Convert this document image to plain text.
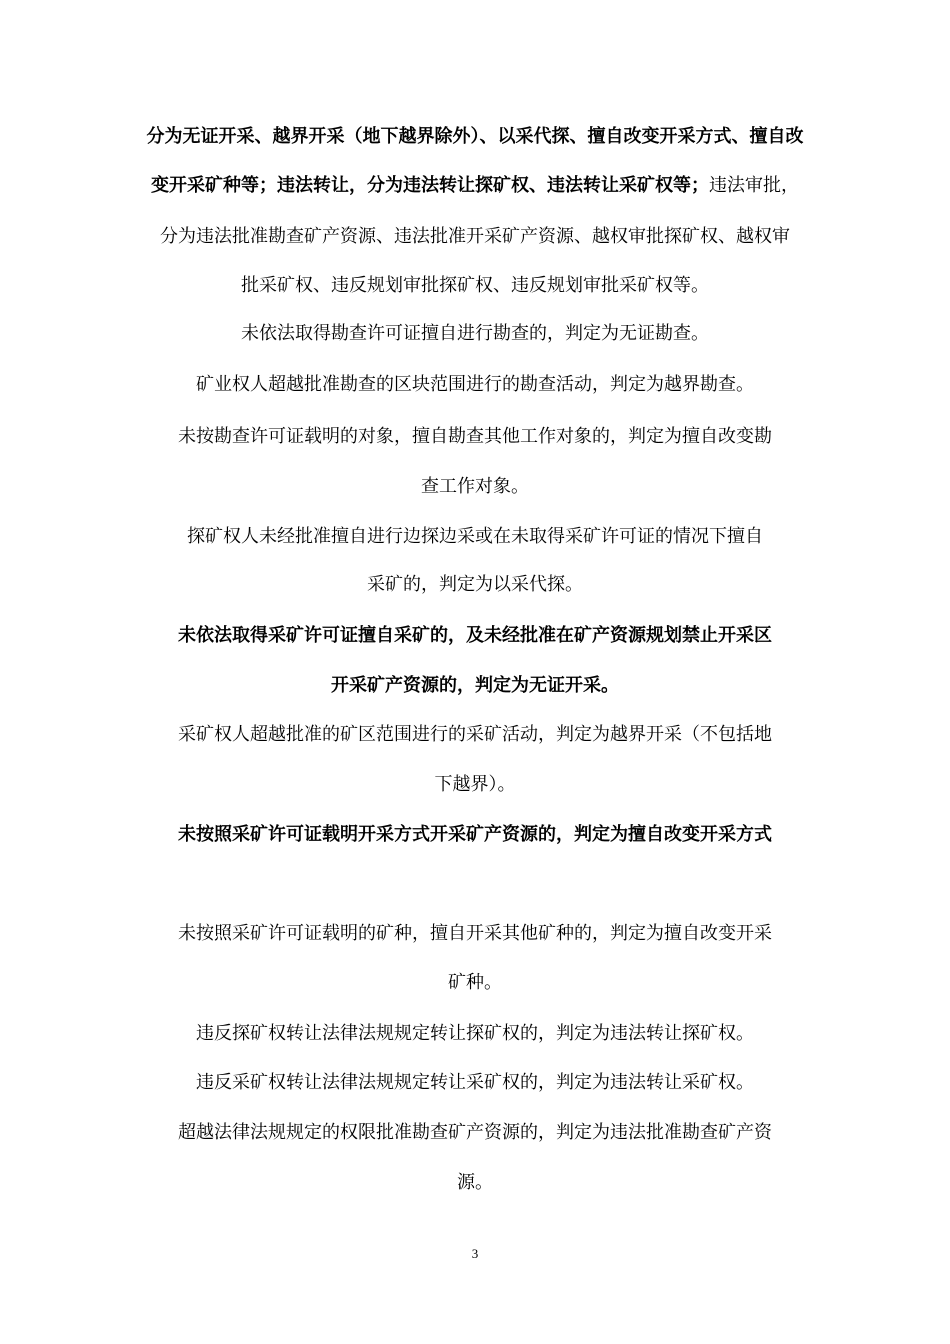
分为无证开采、越界开采（地下越界除外）、以采代探、擅自改变开采方式、擅自改
变开采矿种等；违法转让，分为违法转让探矿权、违法转让采矿权等；违法审批，
分为违法批准勘查矿产资源、违法批准开采矿产资源、越权审批探矿权、越权审
批采矿权、违反规划审批探矿权、违反规划审批采矿权等。
未依法取得勘查许可证擅自进行勘查的，判定为无证勘查。
矿业权人超越批准勘查的区块范围进行的勘查活动，判定为越界勘查。
未按勘查许可证载明的对象，擅自勘查其他工作对象的，判定为擅自改变勘
查工作对象。
探矿权人未经批准擅自进行边探边采或在未取得采矿许可证的情况下擅自
采矿的，判定为以采代探。
未依法取得采矿许可证擅自采矿的，及未经批准在矿产资源规划禁止开采区
开采矿产资源的，判定为无证开采。
采矿权人超越批准的矿区范围进行的采矿活动，判定为越界开采（不包括地
下越界）。
未按照采矿许可证载明开采方式开采矿产资源的，判定为擅自改变开采方式
未按照采矿许可证载明的矿种，擅自开采其他矿种的，判定为擅自改变开采
矿种。
违反探矿权转让法律法规规定转让探矿权的，判定为违法转让探矿权。
违反采矿权转让法律法规规定转让采矿权的，判定为违法转让采矿权。
超越法律法规规定的权限批准勘查矿产资源的，判定为违法批准勘查矿产资
源。
3
